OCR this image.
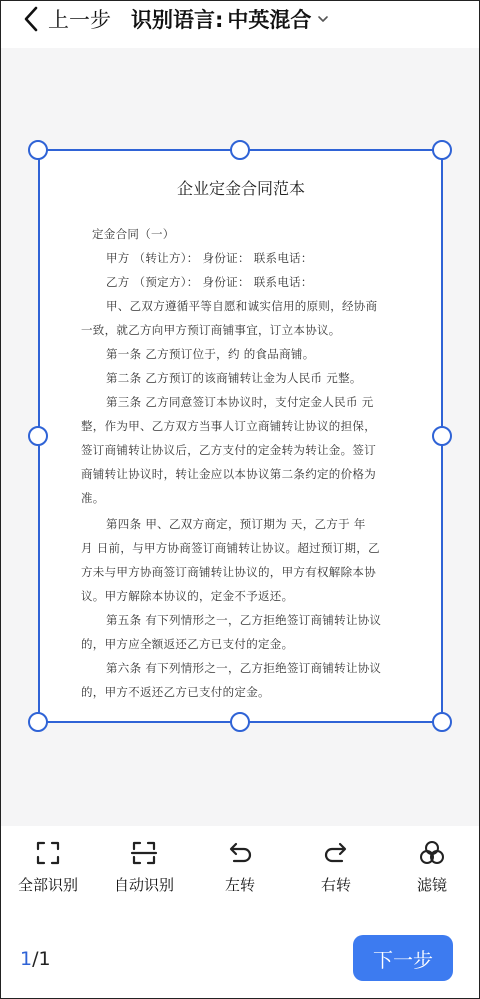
上一步 识别语言: 中英混合
企业定金合同范本
定金合同（一）
甲方 （转让方）： 身份证： 联系电话：
乙方 （预定方）： 身份证： 联系电话：
甲、乙双方遵循平等自愿和诚实信用的原则，经协商
一致，就乙方向甲方预订商铺事宜，订立本协议。
第一条 乙方预订位于，约 的食品商铺。
第二条 乙方预订的该商铺转让金为人民币 元整。
第三条 乙方同意签订本协议时，支付定金人民币 元
整，作为甲、乙方双方当事人订立商铺转让协议的担保，
签订商铺转让协议后，乙方支付的定金转为转让金。签订
商铺转让协议时，转让金应以本协议第二条约定的价格为
准。
第四条 甲、乙双方商定，预订期为 天，乙方于 年
月 日前，与甲方协商签订商铺转让协议。超过预订期，乙
方未与甲方协商签订商铺转让协议的，甲方有权解除本协
议。甲方解除本协议的，定金不予返还。
第五条 有下列情形之一，乙方拒绝签订商铺转让协议
的，甲方应全额返还乙方已支付的定金。
第六条 有下列情形之一，乙方拒绝签订商铺转让协议
的，甲方不返还乙方已支付的定金。
全部识别 自动识别	左转	右转	滤镜
1/1	下一步
